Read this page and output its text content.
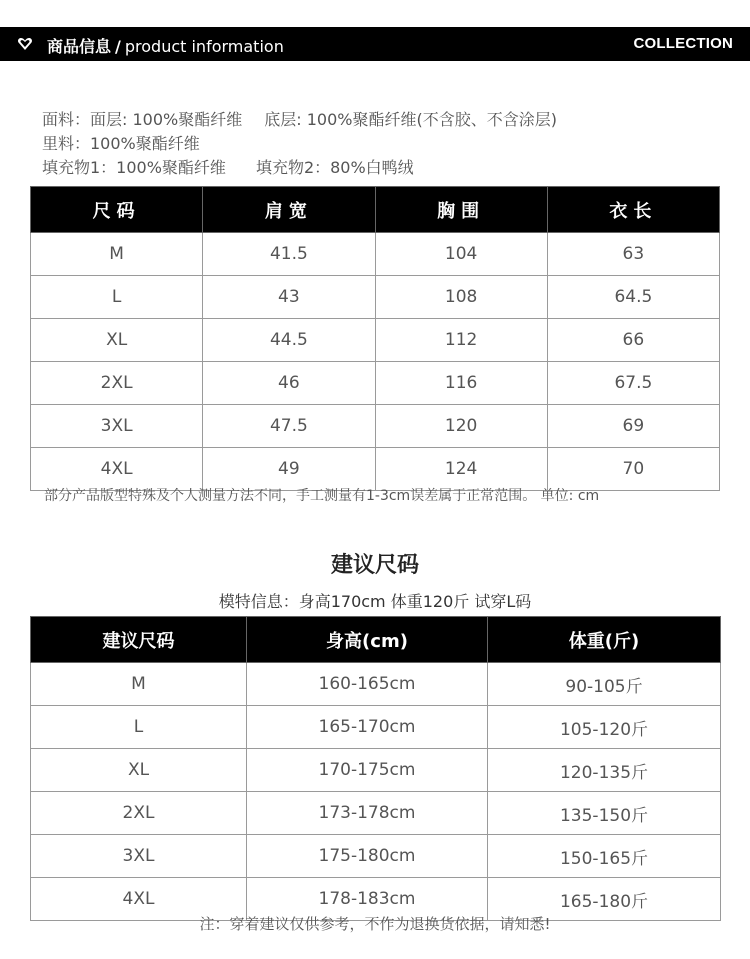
商品信息 / product information	COLLECTION
面料：面层: 100%聚酯纤维 底层: 100%聚酯纤维(不含胶、不含涂层)
里料：100%聚酯纤维
填充物1：100%聚酯纤维 填充物2：80%白鸭绒
尺码	肩宽	胸围	衣长
M	41.5	104	63
L	43	108	64.5
XL	44.5	112	66
2XL	46	116	67.5
3XL	47.5	120	69
4XL	49	124	70
部分产品版型特殊及个人测量方法不同，手工测量有1-3cm误差属于正常范围。 单位: cm
建议尺码
模特信息：身高170cm 体重120斤 试穿L码
建议尺码	身高(cm)	体重(斤)
M	160-165cm	90-105斤
L	165-170cm	105-120斤
XL	170-175cm	120-135斤
2XL	173-178cm	135-150斤
3XL	175-180cm	150-165斤
4XL	178-183cm	165-180斤
注：穿着建议仅供参考，不作为退换货依据，请知悉!
